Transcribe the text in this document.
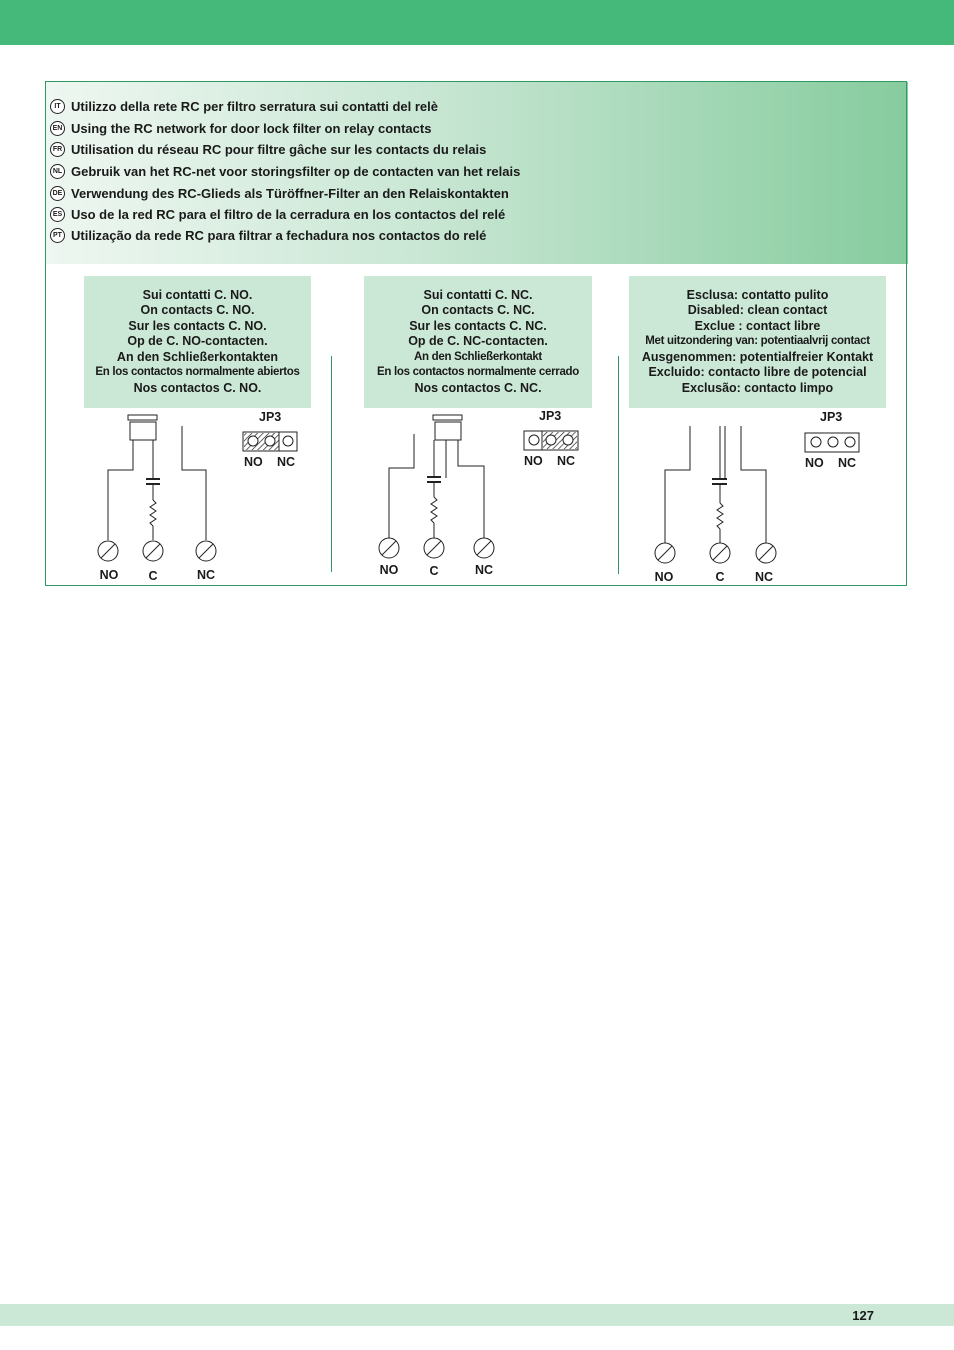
IT Utilizzo della rete RC per filtro serratura sui contatti del relè
EN Using the RC network for door lock filter on relay contacts
FR Utilisation du réseau RC pour filtre gâche sur les contacts du relais
NL Gebruik van het RC-net voor storingsfilter op de contacten van het relais
DE Verwendung des RC-Glieds als Türöffner-Filter an den Relaiskontakten
ES Uso de la red RC para el filtro de la cerradura en los contactos del relé
PT Utilização da rede RC para filtrar a fechadura nos contactos do relé
Sui contatti C. NO.
On contacts C. NO.
Sur les contacts C. NO.
Op de C. NO-contacten.
An den Schließerkontakten
En los contactos normalmente abiertos
Nos contactos C. NO.
Sui contatti C. NC.
On contacts C. NC.
Sur les contacts C. NC.
Op de C. NC-contacten.
An den Schließerkontakt
En los contactos normalmente cerrado
Nos contactos C. NC.
Esclusa: contatto pulito
Disabled: clean contact
Exclue : contact libre
Met uitzondering van: potentiaalvrij contact
Ausgenommen: potentialfreier Kontakt
Excluido: contacto libre de potencial
Exclusão: contacto limpo
JP3
NO NC
JP3
NO NC
JP3
NO NC
NO	C	NC	NO	C	NC	NO	C	NC
127
